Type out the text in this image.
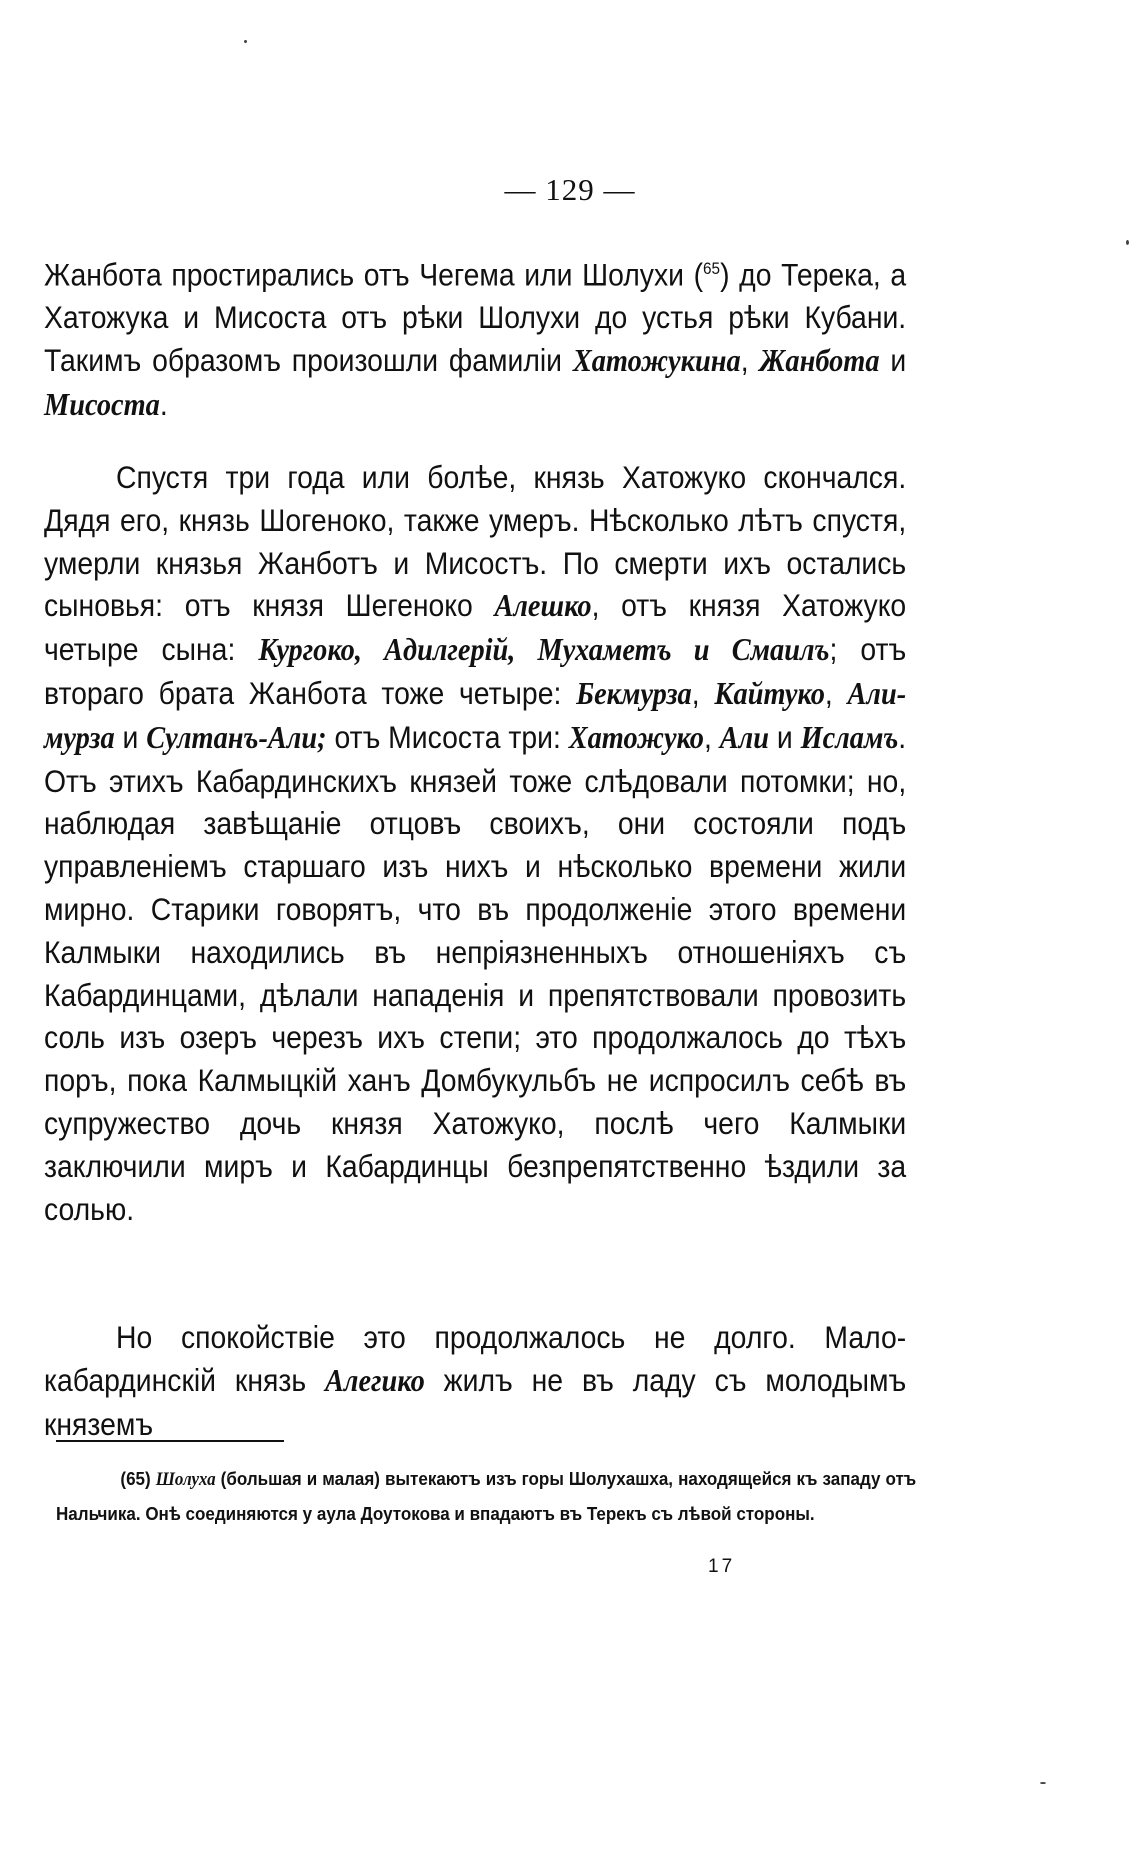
— 129 —
Жанбота простирались отъ Чегема или Шолухи ($^{65}$) до Терека, а Хатожука и Мисоста отъ рѣки Шолухи до устья рѣки Кубани. Такимъ образомъ произошли фамиліи Хатожукина, Жанбота и Мисоста.
Спустя три года или болѣе, князь Хатожуко скончался. Дядя его, князь Шогеноко, также умеръ. Нѣсколько лѣтъ спустя, умерли князья Жанботъ и Мисостъ. По смерти ихъ остались сыновья: отъ князя Шегеноко Алешко, отъ князя Хатожуко четыре сына: Кургоко, Адилгерій, Мухаметъ и Смаилъ; отъ втораго брата Жанбота тоже четыре: Бекмурза, Кайтуко, Али-мурза и Султанъ-Али; отъ Мисоста три: Хатожуко, Али и Исламъ. Отъ этихъ Кабардинскихъ князей тоже слѣдовали потомки; но, наблюдая завѣщаніе отцовъ своихъ, они состояли подъ управленіемъ старшаго изъ нихъ и нѣсколько времени жили мирно. Старики говорятъ, что въ продолженіе этого времени Калмыки находились въ непріязненныхъ отношеніяхъ съ Кабардинцами, дѣлали нападенія и препятствовали провозить соль изъ озеръ черезъ ихъ степи; это продолжалось до тѣхъ поръ, пока Калмыцкій ханъ Домбукульбъ не испросилъ себѣ въ супружество дочь князя Хатожуко, послѣ чего Калмыки заключили миръ и Кабардинцы безпрепятственно ѣздили за солью.
Но спокойствіе это продолжалось не долго. Мало-кабардинскій князь Алегико жилъ не въ ладу съ молодымъ княземъ
(65) Шолуха (большая и малая) вытекаютъ изъ горы Шолухашха, находящейся къ западу отъ Нальчика. Онѣ соединяются у аула Доутокова и впадаютъ въ Терекъ съ лѣвой стороны.
17
